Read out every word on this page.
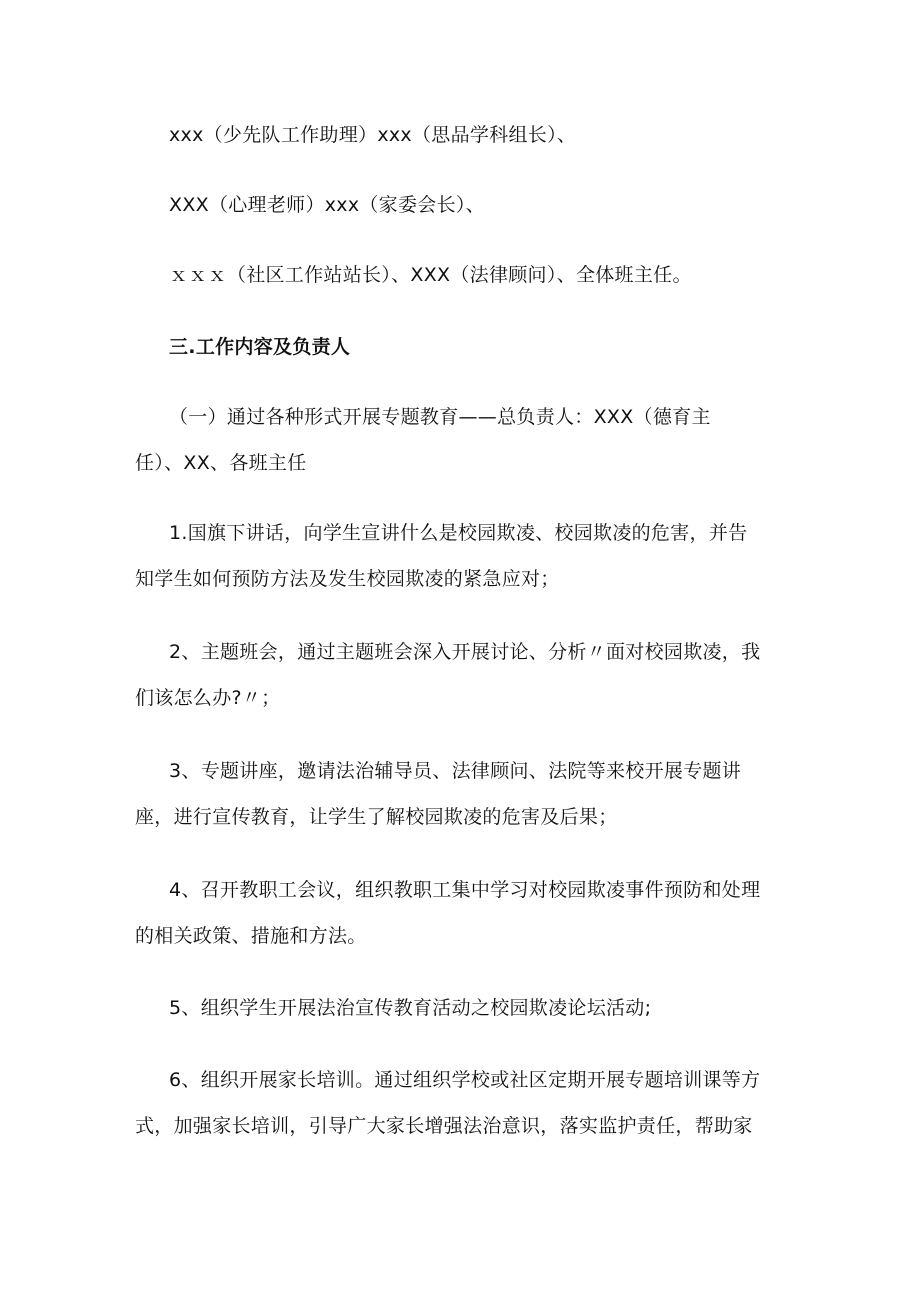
xxx（少先队工作助理）xxx（思品学科组长）、
XXX（心理老师）xxx（家委会长）、
ｘｘｘ（社区工作站站长）、XXX（法律顾问）、全体班主任。
三.工作内容及负责人
（一）通过各种形式开展专题教育——总负责人：XXX（德育主
任）、XX、各班主任
1.国旗下讲话，向学生宣讲什么是校园欺凌、校园欺凌的危害，并告
知学生如何预防方法及发生校园欺凌的紧急应对；
2、主题班会，通过主题班会深入开展讨论、分析〃面对校园欺凌，我
们该怎么办?〃；
3、专题讲座，邀请法治辅导员、法律顾问、法院等来校开展专题讲
座，进行宣传教育，让学生了解校园欺凌的危害及后果；
4、召开教职工会议，组织教职工集中学习对校园欺凌事件预防和处理
的相关政策、措施和方法。
5、组织学生开展法治宣传教育活动之校园欺凌论坛活动;
6、组织开展家长培训。通过组织学校或社区定期开展专题培训课等方
式，加强家长培训，引导广大家长增强法治意识，落实监护责任，帮助家
